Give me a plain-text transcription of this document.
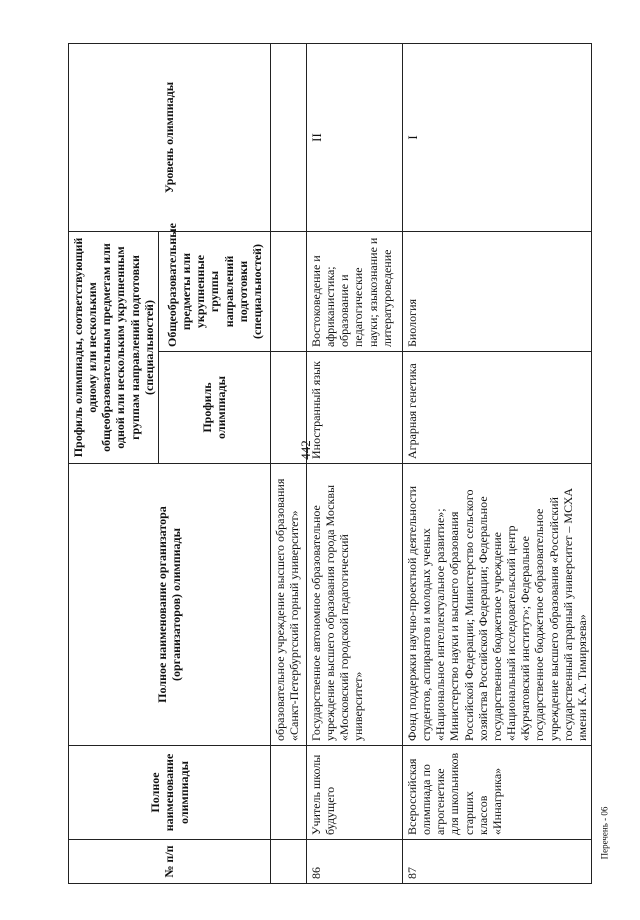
442
№ п/п	Полное наименование олимпиады	Полное наименование организатора (организаторов) олимпиады	Профиль олимпиады, соответствующий одному или нескольким общеобразовательным предметам или одной или нескольким укрупненным группам направлений подготовки (специальностей)		Уровень олимпиады
			Профиль олимпиады	Общеобразовательные предметы или укрупненные группы направлений подготовки (специальностей)	
		образовательное учреждение высшего образования «Санкт-Петербургский горный университет»			
86	Учитель школы будущего	Государственное автономное образовательное учреждение высшего образования города Москвы «Московский городской педагогический университет»	Иностранный язык	Востоковедение и африканистика; образование и педагогические науки; языкознание и литературоведение	II
87	Всероссийская олимпиада по агрогенетике для школьников старших классов «Иннагрика»	Фонд поддержки научно-проектной деятельности студентов, аспирантов и молодых ученых «Национальное интеллектуальное развитие»; Министерство науки и высшего образования Российской Федерации; Министерство сельского хозяйства Российской Федерации; Федеральное государственное бюджетное учреждение «Национальный исследовательский центр «Курчатовский институт»; Федеральное государственное бюджетное образовательное учреждение высшего образования «Российский государственный аграрный университет – МСХА имени К.А. Тимирязева»	Аграрная генетика	Биология	I
Перечень - 06
